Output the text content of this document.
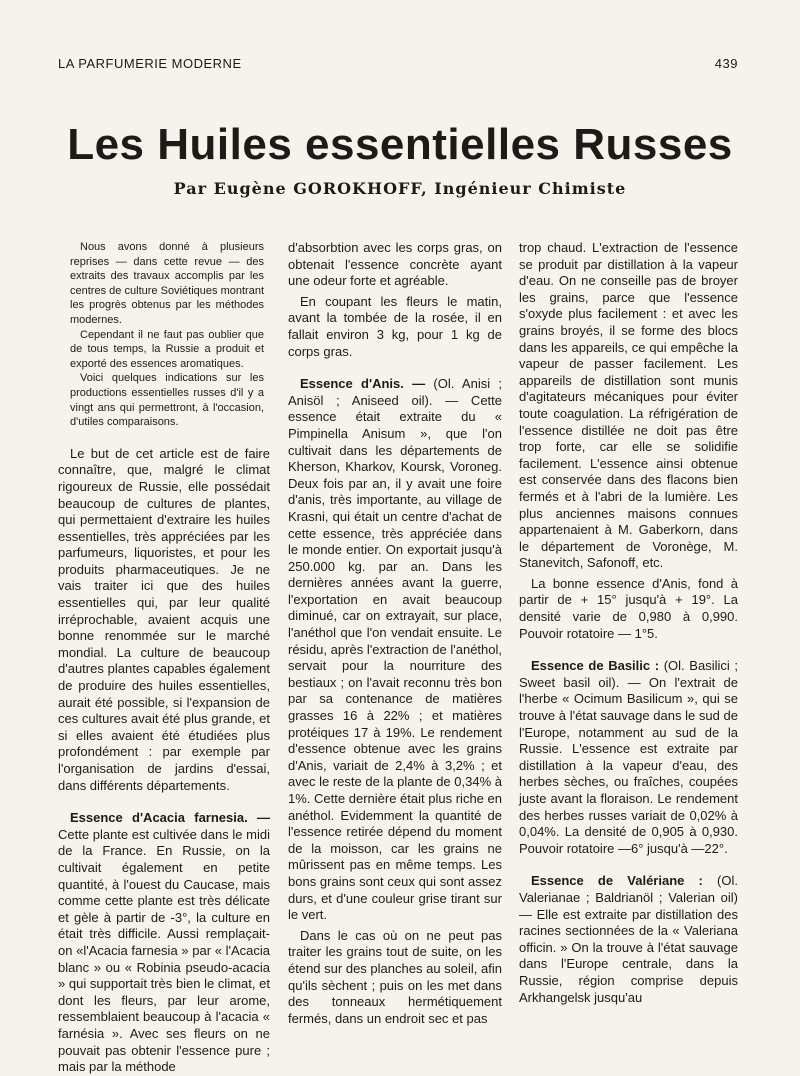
LA PARFUMERIE MODERNE	439
Les Huiles essentielles Russes
Par Eugène GOROKHOFF, Ingénieur Chimiste

Nous avons donné à plusieurs reprises — dans cette revue — des extraits des travaux accomplis par les centres de culture Soviétiques montrant les progrès obtenus par les méthodes modernes.

Cependant il ne faut pas oublier que de tous temps, la Russie a produit et exporté des essences aromatiques.

Voici quelques indications sur les productions essentielles russes d'il y a vingt ans qui permettront, à l'occasion, d'utiles comparaisons.

Le but de cet article est de faire connaître, que, malgré le climat rigoureux de Russie, elle possédait beaucoup de cultures de plantes, qui permettaient d'extraire les huiles essentielles, très appréciées par les parfumeurs, liquoristes, et pour les produits pharmaceutiques. Je ne vais traiter ici que des huiles essentielles qui, par leur qualité irréprochable, avaient acquis une bonne renommée sur le marché mondial. La culture de beaucoup d'autres plantes capables également de produire des huiles essentielles, aurait été possible, si l'expansion de ces cultures avait été plus grande, et si elles avaient été étudiées plus profondément : par exemple par l'organisation de jardins d'essai, dans différents départements.

Essence d'Acacia farnesia. — Cette plante est cultivée dans le midi de la France. En Russie, on la cultivait également en petite quantité, à l'ouest du Caucase, mais comme cette plante est très délicate et gèle à partir de -3°, la culture en était très difficile. Aussi remplaçait-on «l'Acacia farnesia » par « l'Acacia blanc » ou « Robinia pseudo-acacia » qui supportait très bien le climat, et dont les fleurs, par leur arome, ressemblaient beaucoup à l'acacia « farnésia ». Avec ses fleurs on ne pouvait pas obtenir l'essence pure ; mais par la méthode

d'absorbtion avec les corps gras, on obtenait l'essence concrète ayant une odeur forte et agréable.

En coupant les fleurs le matin, avant la tombée de la rosée, il en fallait environ 3 kg, pour 1 kg de corps gras.

Essence d'Anis. — (Ol. Anisi ; Anisöl ; Aniseed oil). — Cette essence était extraite du « Pimpinella Anisum », que l'on cultivait dans les départements de Kherson, Kharkov, Koursk, Voroneg. Deux fois par an, il y avait une foire d'anis, très importante, au village de Krasni, qui était un centre d'achat de cette essence, très appréciée dans le monde entier. On exportait jusqu'à 250.000 kg. par an. Dans les dernières années avant la guerre, l'exportation en avait beaucoup diminué, car on extrayait, sur place, l'anéthol que l'on vendait ensuite. Le résidu, après l'extraction de l'anéthol, servait pour la nourriture des bestiaux ; on l'avait reconnu très bon par sa contenance de matières grasses 16 à 22% ; et matières protéiques 17 à 19%. Le rendement d'essence obtenue avec les grains d'Anis, variait de 2,4% à 3,2% ; et avec le reste de la plante de 0,34% à 1%. Cette dernière était plus riche en anéthol. Evidemment la quantité de l'essence retirée dépend du moment de la moisson, car les grains ne mûrissent pas en même temps. Les bons grains sont ceux qui sont assez durs, et d'une couleur grise tirant sur le vert.

Dans le cas où on ne peut pas traiter les grains tout de suite, on les étend sur des planches au soleil, afin qu'ils sèchent ; puis on les met dans des tonneaux hermétiquement fermés, dans un endroit sec et pas

trop chaud. L'extraction de l'essence se produit par distillation à la vapeur d'eau. On ne conseille pas de broyer les grains, parce que l'essence s'oxyde plus facilement : et avec les grains broyés, il se forme des blocs dans les appareils, ce qui empêche la vapeur de passer facilement. Les appareils de distillation sont munis d'agitateurs mécaniques pour éviter toute coagulation. La réfrigération de l'essence distillée ne doit pas être trop forte, car elle se solidifie facilement. L'essence ainsi obtenue est conservée dans des flacons bien fermés et à l'abri de la lumière. Les plus anciennes maisons connues appartenaient à M. Gaberkorn, dans le département de Voronège, M. Stanevitch, Safonoff, etc.

La bonne essence d'Anis, fond à partir de + 15° jusqu'à + 19°. La densité varie de 0,980 à 0,990. Pouvoir rotatoire — 1°5.

Essence de Basilic : (Ol. Basilici ; Sweet basil oil). — On l'extrait de l'herbe « Ocimum Basilicum », qui se trouve à l'état sauvage dans le sud de l'Europe, notamment au sud de la Russie. L'essence est extraite par distillation à la vapeur d'eau, des herbes sèches, ou fraîches, coupées juste avant la floraison. Le rendement des herbes russes variait de 0,02% à 0,04%. La densité de 0,905 à 0,930. Pouvoir rotatoire —6° jusqu'à —22°.

Essence de Valériane : (Ol. Valerianae ; Baldrianöl ; Valerian oil) — Elle est extraite par distillation des racines sectionnées de la « Valeriana officin. » On la trouve à l'état sauvage dans l'Europe centrale, dans la Russie, région comprise depuis Arkhangelsk jusqu'au
